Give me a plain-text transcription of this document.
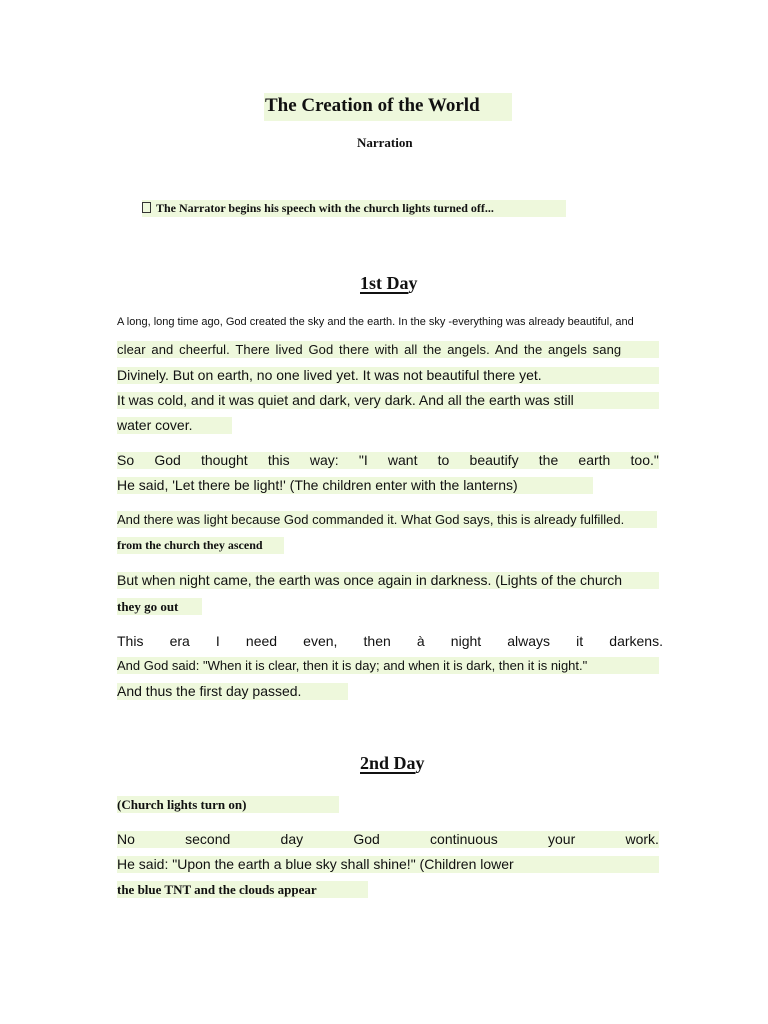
The Creation of the World
Narration
The Narrator begins his speech with the church lights turned off...
1st Day
A long, long time ago, God created the sky and the earth. In the sky -everything was already beautiful, and
clear and cheerful. There lived God there with all the angels. And the angels sang
Divinely. But on earth, no one lived yet. It was not beautiful there yet.
It was cold, and it was quiet and dark, very dark. And all the earth was still
water cover.
So God thought this way: "I want to beautify the earth too."
He said, 'Let there be light!' (The children enter with the lanterns)
And there was light because God commanded it. What God says, this is already fulfilled.
from the church they ascend
But when night came, the earth was once again in darkness. (Lights of the church
they go out
This era I need even, then à night always it darkens.
And God said: "When it is clear, then it is day; and when it is dark, then it is night."
And thus the first day passed.
2nd Day
(Church lights turn on)
No	second	day	God	continuous	your	work.
He said: "Upon the earth a blue sky shall shine!" (Children lower
the blue TNT and the clouds appear
